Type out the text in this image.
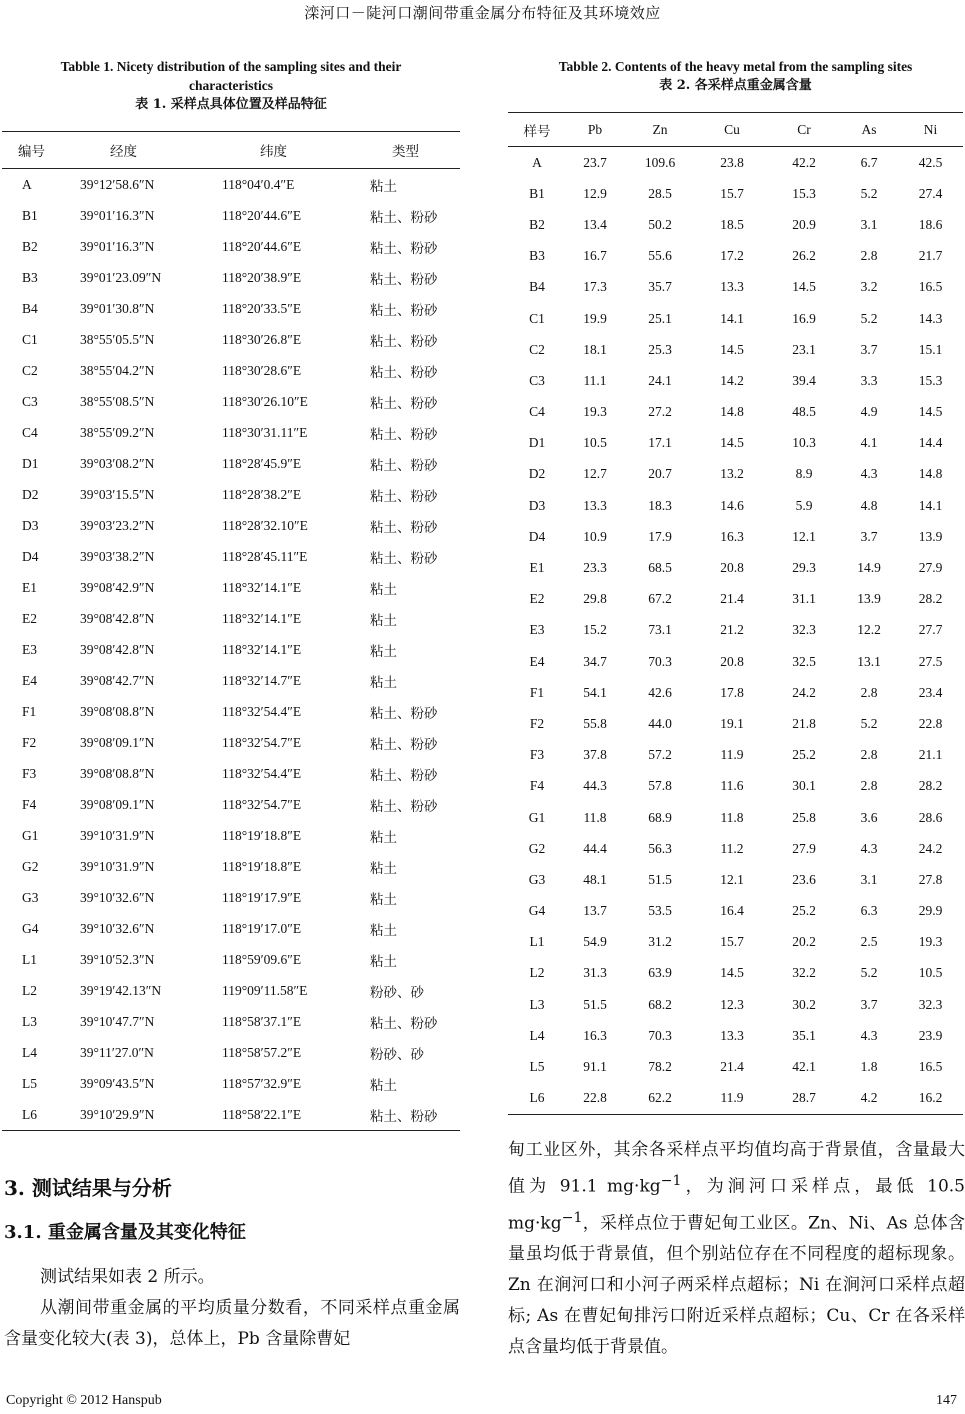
滦河口－陡河口潮间带重金属分布特征及其环境效应
Tabble 1. Nicety distribution of the sampling sites and their characteristics
表 1. 采样点具体位置及样品特征
编号	经度	纬度	类型
A	39°12′58.6″N	118°04′0.4″E	粘土
B1	39°01′16.3″N	118°20′44.6″E	粘土、粉砂
B2	39°01′16.3″N	118°20′44.6″E	粘土、粉砂
B3	39°01′23.09″N	118°20′38.9″E	粘土、粉砂
B4	39°01′30.8″N	118°20′33.5″E	粘土、粉砂
C1	38°55′05.5″N	118°30′26.8″E	粘土、粉砂
C2	38°55′04.2″N	118°30′28.6″E	粘土、粉砂
C3	38°55′08.5″N	118°30′26.10″E	粘土、粉砂
C4	38°55′09.2″N	118°30′31.11″E	粘土、粉砂
D1	39°03′08.2″N	118°28′45.9″E	粘土、粉砂
D2	39°03′15.5″N	118°28′38.2″E	粘土、粉砂
D3	39°03′23.2″N	118°28′32.10″E	粘土、粉砂
D4	39°03′38.2″N	118°28′45.11″E	粘土、粉砂
E1	39°08′42.9″N	118°32′14.1″E	粘土
E2	39°08′42.8″N	118°32′14.1″E	粘土
E3	39°08′42.8″N	118°32′14.1″E	粘土
E4	39°08′42.7″N	118°32′14.7″E	粘土
F1	39°08′08.8″N	118°32′54.4″E	粘土、粉砂
F2	39°08′09.1″N	118°32′54.7″E	粘土、粉砂
F3	39°08′08.8″N	118°32′54.4″E	粘土、粉砂
F4	39°08′09.1″N	118°32′54.7″E	粘土、粉砂
G1	39°10′31.9″N	118°19′18.8″E	粘土
G2	39°10′31.9″N	118°19′18.8″E	粘土
G3	39°10′32.6″N	118°19′17.9″E	粘土
G4	39°10′32.6″N	118°19′17.0″E	粘土
L1	39°10′52.3″N	118°59′09.6″E	粘土
L2	39°19′42.13″N	119°09′11.58″E	粉砂、砂
L3	39°10′47.7″N	118°58′37.1″E	粘土、粉砂
L4	39°11′27.0″N	118°58′57.2″E	粉砂、砂
L5	39°09′43.5″N	118°57′32.9″E	粘土
L6	39°10′29.9″N	118°58′22.1″E	粘土、粉砂
Tabble 2. Contents of the heavy metal from the sampling sites
表 2. 各采样点重金属含量
样号	Pb	Zn	Cu	Cr	As	Ni
A	23.7	109.6	23.8	42.2	6.7	42.5
B1	12.9	28.5	15.7	15.3	5.2	27.4
B2	13.4	50.2	18.5	20.9	3.1	18.6
B3	16.7	55.6	17.2	26.2	2.8	21.7
B4	17.3	35.7	13.3	14.5	3.2	16.5
C1	19.9	25.1	14.1	16.9	5.2	14.3
C2	18.1	25.3	14.5	23.1	3.7	15.1
C3	11.1	24.1	14.2	39.4	3.3	15.3
C4	19.3	27.2	14.8	48.5	4.9	14.5
D1	10.5	17.1	14.5	10.3	4.1	14.4
D2	12.7	20.7	13.2	8.9	4.3	14.8
D3	13.3	18.3	14.6	5.9	4.8	14.1
D4	10.9	17.9	16.3	12.1	3.7	13.9
E1	23.3	68.5	20.8	29.3	14.9	27.9
E2	29.8	67.2	21.4	31.1	13.9	28.2
E3	15.2	73.1	21.2	32.3	12.2	27.7
E4	34.7	70.3	20.8	32.5	13.1	27.5
F1	54.1	42.6	17.8	24.2	2.8	23.4
F2	55.8	44.0	19.1	21.8	5.2	22.8
F3	37.8	57.2	11.9	25.2	2.8	21.1
F4	44.3	57.8	11.6	30.1	2.8	28.2
G1	11.8	68.9	11.8	25.8	3.6	28.6
G2	44.4	56.3	11.2	27.9	4.3	24.2
G3	48.1	51.5	12.1	23.6	3.1	27.8
G4	13.7	53.5	16.4	25.2	6.3	29.9
L1	54.9	31.2	15.7	20.2	2.5	19.3
L2	31.3	63.9	14.5	32.2	5.2	10.5
L3	51.5	68.2	12.3	30.2	3.7	32.3
L4	16.3	70.3	13.3	35.1	4.3	23.9
L5	91.1	78.2	21.4	42.1	1.8	16.5
L6	22.8	62.2	11.9	28.7	4.2	16.2
3. 测试结果与分析
3.1. 重金属含量及其变化特征
测试结果如表 2 所示。
从潮间带重金属的平均质量分数看，不同采样点重金属含量变化较大(表 3)，总体上，Pb 含量除曹妃
甸工业区外，其余各采样点平均值均高于背景值，含量最大值为 91.1 $mg\cdot kg^{-1}$，为涧河口采样点，最低 10.5 $mg\cdot kg^{-1}$，采样点位于曹妃甸工业区。Zn、Ni、As 总体含量虽均低于背景值，但个别站位存在不同程度的超标现象。Zn 在涧河口和小河子两采样点超标；Ni 在涧河口采样点超标; As 在曹妃甸排污口附近采样点超标；Cu、Cr 在各采样点含量均低于背景值。
Copyright © 2012 Hanspub	147
